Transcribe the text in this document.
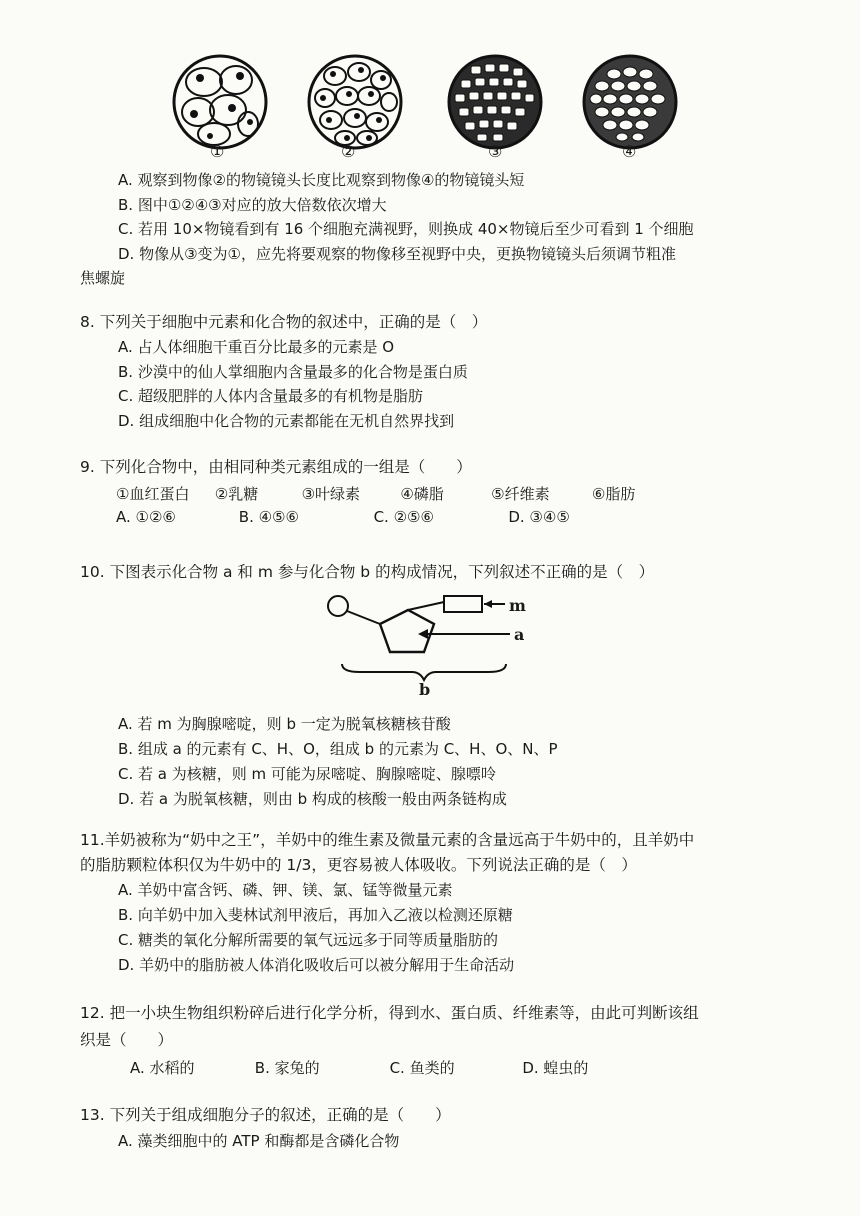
①	②	③	④
A. 观察到物像②的物镜镜头长度比观察到物像④的物镜镜头短
B. 图中①②④③对应的放大倍数依次增大
C. 若用 10×物镜看到有 16 个细胞充满视野，则换成 40×物镜后至少可看到 1 个细胞
D. 物像从③变为①，应先将要观察的物像移至视野中央，更换物镜镜头后须调节粗准
焦螺旋
8. 下列关于细胞中元素和化合物的叙述中，正确的是（　）
A. 占人体细胞干重百分比最多的元素是 O
B. 沙漠中的仙人掌细胞内含量最多的化合物是蛋白质
C. 超级肥胖的人体内含量最多的有机物是脂肪
D. 组成细胞中化合物的元素都能在无机自然界找到
9. 下列化合物中，由相同种类元素组成的一组是（　　）
①血红蛋白 ②乳糖	③叶绿素	④磷脂	⑤纤维素	⑥脂肪
A. ①②⑥	B. ④⑤⑥	C. ②⑤⑥	D. ③④⑤
10. 下图表示化合物 a 和 m 参与化合物 b 的构成情况，下列叙述不正确的是（　）
m
a
b
A. 若 m 为胸腺嘧啶，则 b 一定为脱氧核糖核苷酸
B. 组成 a 的元素有 C、H、O，组成 b 的元素为 C、H、O、N、P
C. 若 a 为核糖，则 m 可能为尿嘧啶、胸腺嘧啶、腺嘌呤
D. 若 a 为脱氧核糖，则由 b 构成的核酸一般由两条链构成
11.羊奶被称为“奶中之王”，羊奶中的维生素及微量元素的含量远高于牛奶中的，且羊奶中
的脂肪颗粒体积仅为牛奶中的 1/3，更容易被人体吸收。下列说法正确的是（　）
A. 羊奶中富含钙、磷、钾、镁、氯、锰等微量元素
B. 向羊奶中加入斐林试剂甲液后，再加入乙液以检测还原糖
C. 糖类的氧化分解所需要的氧气远远多于同等质量脂肪的
D. 羊奶中的脂肪被人体消化吸收后可以被分解用于生命活动
12. 把一小块生物组织粉碎后进行化学分析，得到水、蛋白质、纤维素等，由此可判断该组
织是（　　）
A. 水稻的	B. 家兔的	C. 鱼类的	D. 蝗虫的
13. 下列关于组成细胞分子的叙述，正确的是（　　）
A. 藻类细胞中的 ATP 和酶都是含磷化合物
